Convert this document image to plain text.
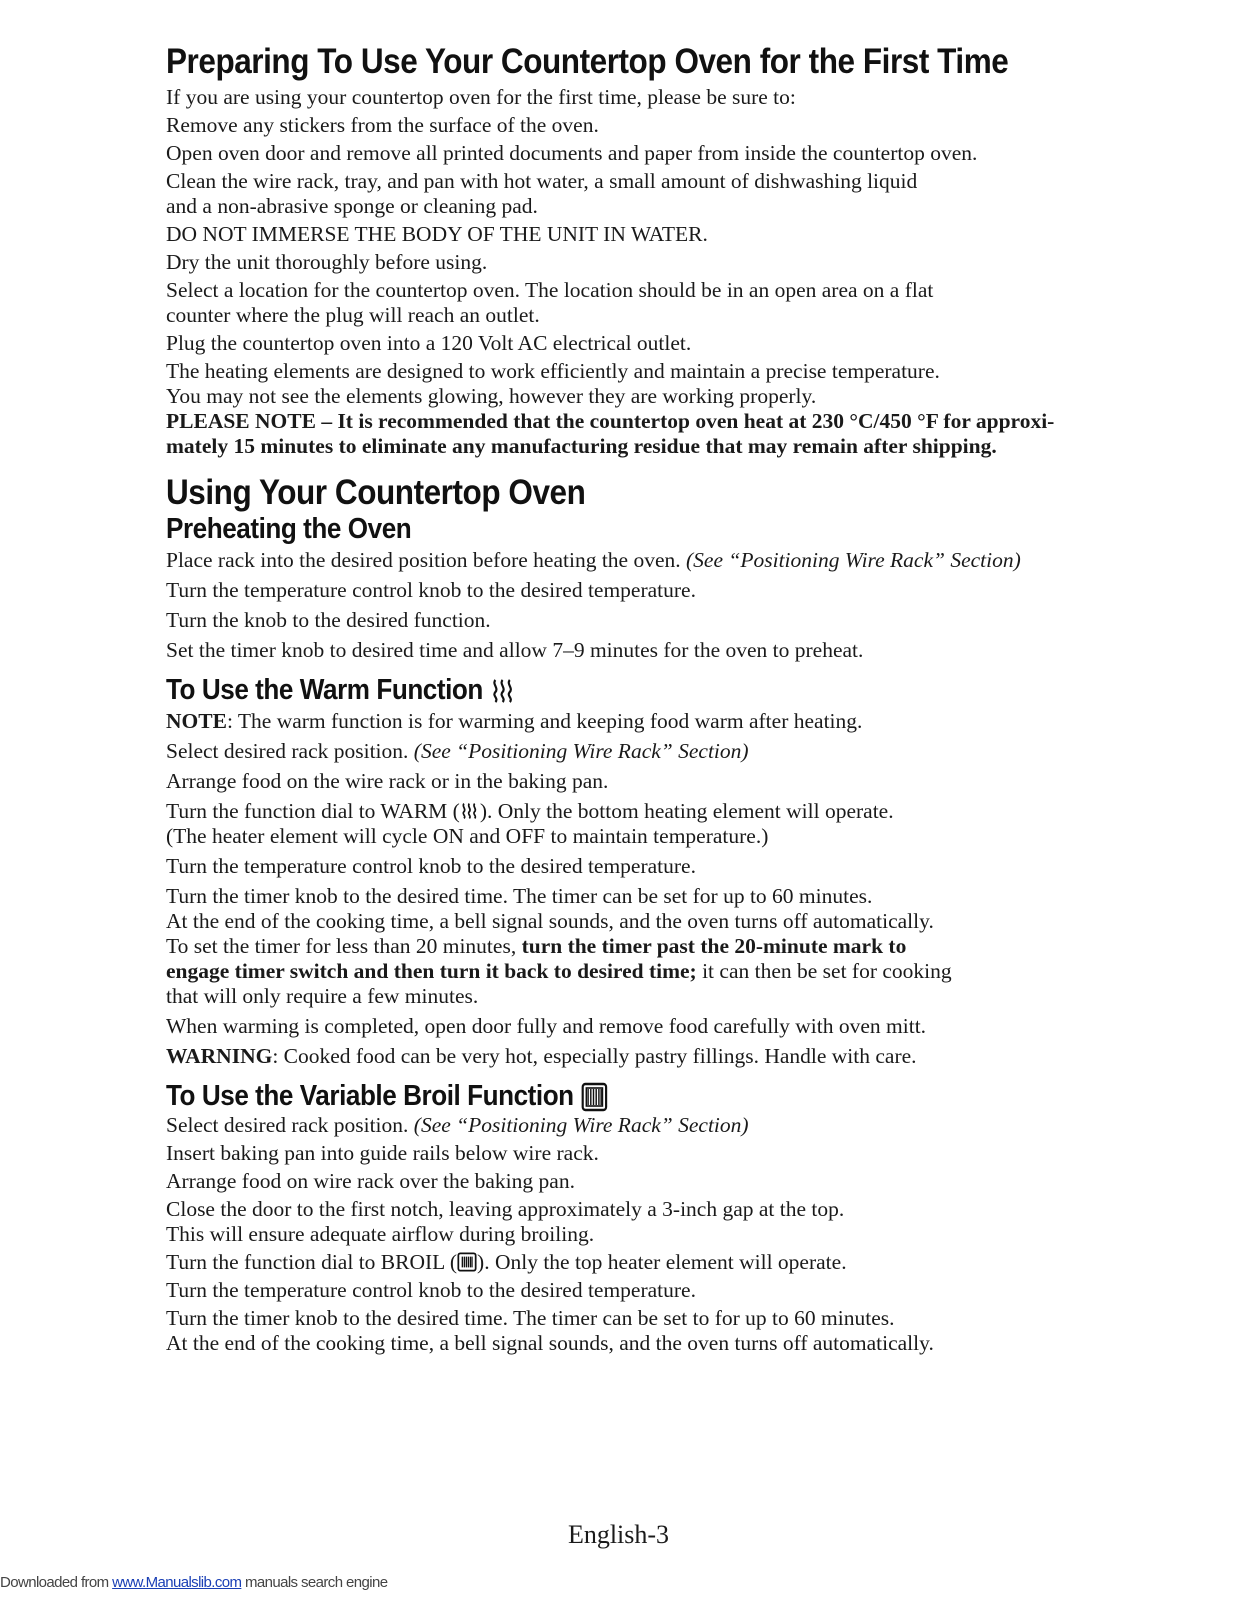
Preparing To Use Your Countertop Oven for the First Time
If you are using your countertop oven for the first time, please be sure to:
Remove any stickers from the surface of the oven.
Open oven door and remove all printed documents and paper from inside the countertop oven.
Clean the wire rack, tray, and pan with hot water, a small amount of dishwashing liquid
and a non-abrasive sponge or cleaning pad.
DO NOT IMMERSE THE BODY OF THE UNIT IN WATER.
Dry the unit thoroughly before using.
Select a location for the countertop oven. The location should be in an open area on a flat
counter where the plug will reach an outlet.
Plug the countertop oven into a 120 Volt AC electrical outlet.
The heating elements are designed to work efficiently and maintain a precise temperature.
You may not see the elements glowing, however they are working properly.
PLEASE NOTE – It is recommended that the countertop oven heat at 230 °C/450 °F for approxi-
mately 15 minutes to eliminate any manufacturing residue that may remain after shipping.
Using Your Countertop Oven
Preheating the Oven
Place rack into the desired position before heating the oven. (See “Positioning Wire Rack” Section)
Turn the temperature control knob to the desired temperature.
Turn the knob to the desired function.
Set the timer knob to desired time and allow 7–9 minutes for the oven to preheat.
To Use the Warm Function
NOTE: The warm function is for warming and keeping food warm after heating.
Select desired rack position. (See “Positioning Wire Rack” Section)
Arrange food on the wire rack or in the baking pan.
Turn the function dial to WARM ( ). Only the bottom heating element will operate.
(The heater element will cycle ON and OFF to maintain temperature.)
Turn the temperature control knob to the desired temperature.
Turn the timer knob to the desired time. The timer can be set for up to 60 minutes.
At the end of the cooking time, a bell signal sounds, and the oven turns off automatically.
To set the timer for less than 20 minutes, turn the timer past the 20-minute mark to
engage timer switch and then turn it back to desired time; it can then be set for cooking
that will only require a few minutes.
When warming is completed, open door fully and remove food carefully with oven mitt.
WARNING: Cooked food can be very hot, especially pastry fillings. Handle with care.
To Use the Variable Broil Function
Select desired rack position. (See “Positioning Wire Rack” Section)
Insert baking pan into guide rails below wire rack.
Arrange food on wire rack over the baking pan.
Close the door to the first notch, leaving approximately a 3-inch gap at the top.
This will ensure adequate airflow during broiling.
Turn the function dial to BROIL ( ). Only the top heater element will operate.
Turn the temperature control knob to the desired temperature.
Turn the timer knob to the desired time. The timer can be set to for up to 60 minutes.
At the end of the cooking time, a bell signal sounds, and the oven turns off automatically.
English-3
Downloaded from www.Manualslib.com manuals search engine
